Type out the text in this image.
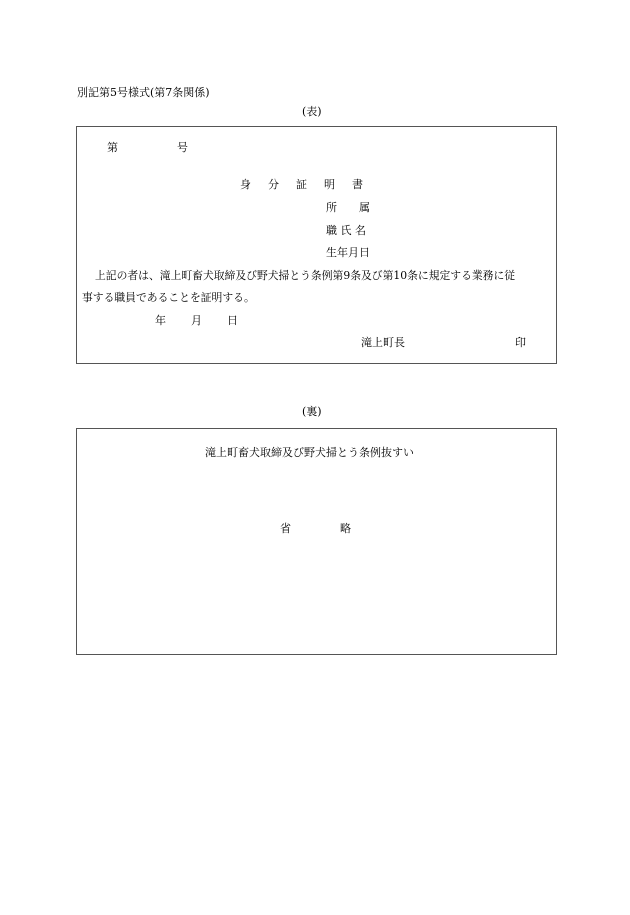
別記第5号様式(第7条関係)
(表)
第	号
身　分　証　明　書
所　　属
職 氏 名
生年月日
上記の者は、滝上町畜犬取締及び野犬掃とう条例第9条及び第10条に規定する業務に従
事する職員であることを証明する。
年 月 日
滝上町長	印
(裏)
滝上町畜犬取締及び野犬掃とう条例抜すい
省	略
